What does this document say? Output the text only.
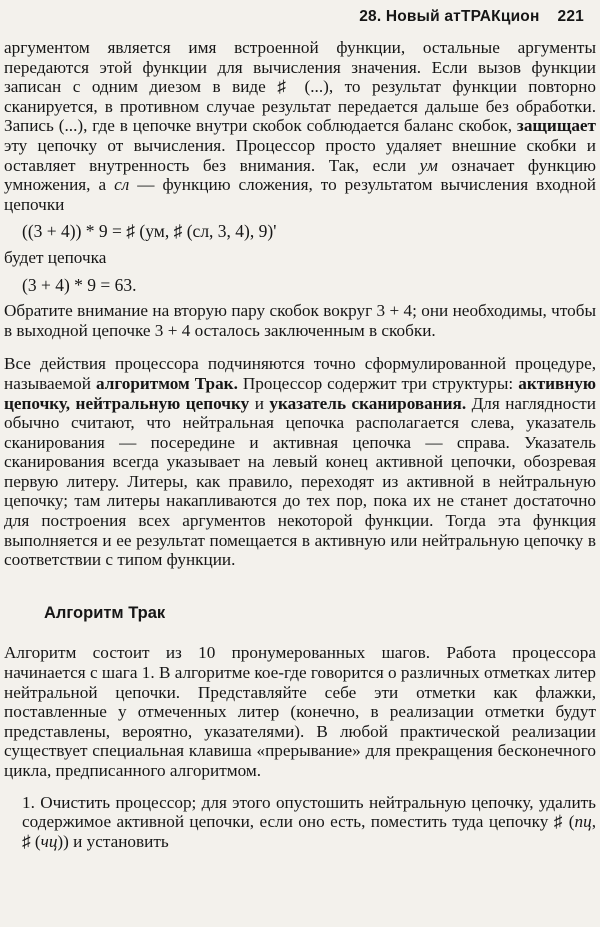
28. Новый атТРАКцион 221

аргументом является имя встроенной функции, остальные аргументы передаются этой функции для вычисления значения. Если вызов функции записан с одним диезом в виде ♯ (...), то результат функции повторно сканируется, в противном случае результат передается дальше без обработки. Запись (...), где в цепочке внутри скобок соблюдается баланс скобок, защищает эту цепочку от вычисления. Процессор просто удаляет внешние скобки и оставляет внутренность без внимания. Так, если ум означает функцию умножения, а сл — функцию сложения, то результатом вычисления входной цепочки

((3 + 4)) * 9 = ♯ (ум, ♯ (сл, 3, 4), 9)'

будет цепочка

(3 + 4) * 9 = 63.

Обратите внимание на вторую пару скобок вокруг 3 + 4; они необходимы, чтобы в выходной цепочке 3 + 4 осталось заключенным в скобки.

Все действия процессора подчиняются точно сформулированной процедуре, называемой алгоритмом Трак. Процессор содержит три структуры: активную цепочку, нейтральную цепочку и указатель сканирования. Для наглядности обычно считают, что нейтральная цепочка располагается слева, указатель сканирования — посередине и активная цепочка — справа. Указатель сканирования всегда указывает на левый конец активной цепочки, обозревая первую литеру. Литеры, как правило, переходят из активной в нейтральную цепочку; там литеры накапливаются до тех пор, пока их не станет достаточно для построения всех аргументов некоторой функции. Тогда эта функция выполняется и ее результат помещается в активную или нейтральную цепочку в соответствии с типом функции.

Алгоритм Трак

Алгоритм состоит из 10 пронумерованных шагов. Работа процессора начинается с шага 1. В алгоритме кое-где говорится о различных отметках литер нейтральной цепочки. Представляйте себе эти отметки как флажки, поставленные у отмеченных литер (конечно, в реализации отметки будут представлены, вероятно, указателями). В любой практической реализации существует специальная клавиша «прерывание» для прекращения бесконечного цикла, предписанного алгоритмом.

1. Очистить процессор; для этого опустошить нейтральную цепочку, удалить содержимое активной цепочки, если оно есть, поместить туда цепочку ♯ (пц, ♯ (чц)) и установить
